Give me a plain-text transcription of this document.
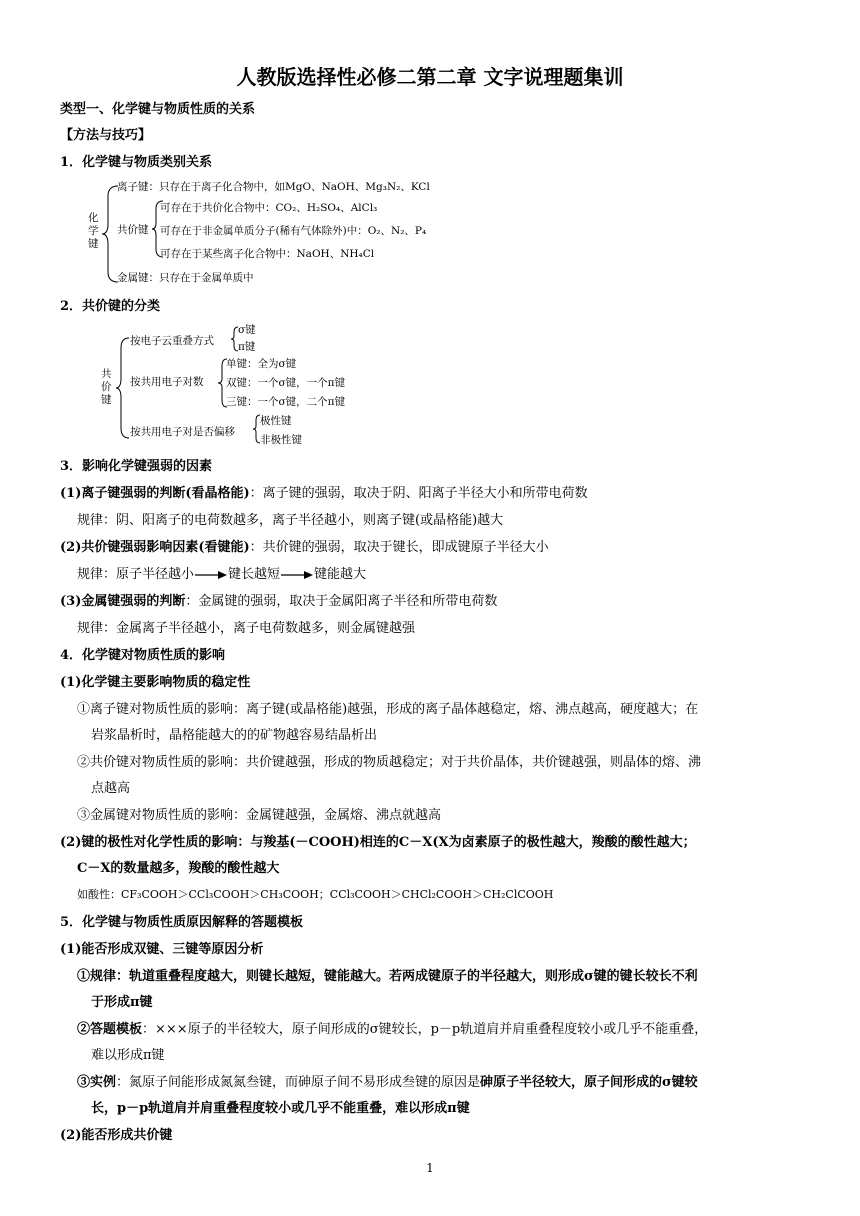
人教版选择性必修二第二章 文字说理题集训
类型一、化学键与物质性质的关系
【方法与技巧】
1．化学键与物质类别关系
化学键
离子键：只存在于离子化合物中，如MgO、NaOH、Mg₃N₂、KCl
共价键
可存在于共价化合物中：CO₂、H₂SO₄、AlCl₃
可存在于非金属单质分子(稀有气体除外)中：O₂、N₂、P₄
可存在于某些离子化合物中：NaOH、NH₄Cl
金属键：只存在于金属单质中
2．共价键的分类
共价键
按电子云重叠方式
σ键
π键
按共用电子对数
单键：全为σ键
双键：一个σ键，一个π键
三键：一个σ键，二个π键
按共用电子对是否偏移
极性键
非极性键
3．影响化学键强弱的因素
(1)离子键强弱的判断(看晶格能)：离子键的强弱，取决于阴、阳离子半径大小和所带电荷数
规律：阴、阳离子的电荷数越多，离子半径越小，则离子键(或晶格能)越大
(2)共价键强弱影响因素(看键能)：共价键的强弱，取决于键长，即成键原子半径大小
规律：原子半径越小	键长越短	键能越大
(3)金属键强弱的判断：金属键的强弱，取决于金属阳离子半径和所带电荷数
规律：金属离子半径越小，离子电荷数越多，则金属键越强
4．化学键对物质性质的影响
(1)化学键主要影响物质的稳定性
①离子键对物质性质的影响：离子键(或晶格能)越强，形成的离子晶体越稳定，熔、沸点越高，硬度越大；在
岩浆晶析时，晶格能越大的的矿物越容易结晶析出
②共价键对物质性质的影响：共价键越强，形成的物质越稳定；对于共价晶体，共价键越强，则晶体的熔、沸
点越高
③金属键对物质性质的影响：金属键越强，金属熔、沸点就越高
(2)键的极性对化学性质的影响：与羧基(－COOH)相连的C－X(X为卤素原子的极性越大，羧酸的酸性越大；
C－X的数量越多，羧酸的酸性越大
如酸性：CF₃COOH＞CCl₃COOH＞CH₃COOH；CCl₃COOH＞CHCl₂COOH＞CH₂ClCOOH
5．化学键与物质性质原因解释的答题模板
(1)能否形成双键、三键等原因分析
①规律：轨道重叠程度越大，则键长越短，键能越大。若两成键原子的半径越大，则形成σ键的键长较长不利
于形成π键
②答题模板：×××原子的半径较大，原子间形成的σ键较长，p－p轨道肩并肩重叠程度较小或几乎不能重叠，
难以形成π键
③实例：氮原子间能形成氮氮叁键，而砷原子间不易形成叁键的原因是砷原子半径较大，原子间形成的σ键较
长，p－p轨道肩并肩重叠程度较小或几乎不能重叠，难以形成π键
(2)能否形成共价键
1
